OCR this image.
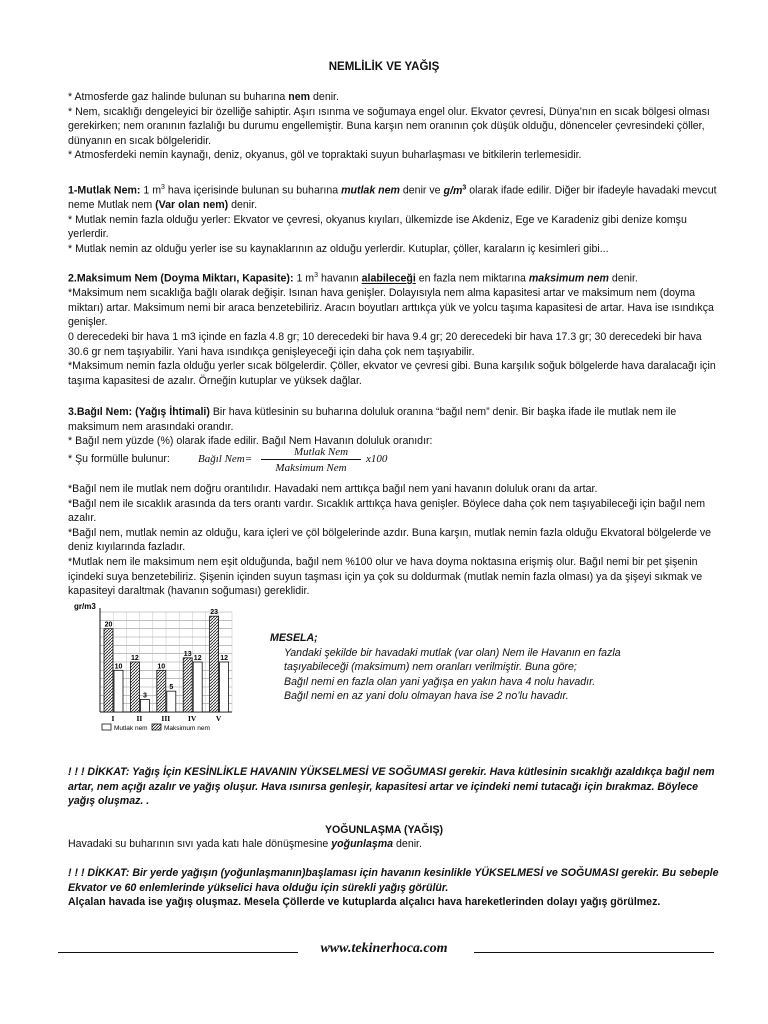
NEMLİLİK VE YAĞIŞ

* Atmosferde gaz halinde bulunan su buharına nem denir.

* Nem, sıcaklığı dengeleyici bir özelliğe sahiptir. Aşırı ısınma ve soğumaya engel olur. Ekvator çevresi, Dünya’nın en sıcak bölgesi olması gerekirken; nem oranının fazlalığı bu durumu engellemiştir. Buna karşın nem oranının çok düşük olduğu, dönenceler çevresindeki çöller, dünyanın en sıcak bölgeleridir.

* Atmosferdeki nemin kaynağı, deniz, okyanus, göl ve topraktaki suyun buharlaşması ve bitkilerin terlemesidir.

1-Mutlak Nem: 1 $m^3$ hava içerisinde bulunan su buharına mutlak nem denir ve $g/m^3$ olarak ifade edilir. Diğer bir ifadeyle havadaki mevcut neme Mutlak nem (Var olan nem) denir.

* Mutlak nemin fazla olduğu yerler: Ekvator ve çevresi, okyanus kıyıları, ülkemizde ise Akdeniz, Ege ve Karadeniz gibi denize komşu yerlerdir.

* Mutlak nemin az olduğu yerler ise su kaynaklarının az olduğu yerlerdir. Kutuplar, çöller, karaların iç kesimleri gibi...

2.Maksimum Nem (Doyma Miktarı, Kapasite): 1 $m^3$ havanın alabileceği en fazla nem miktarına maksimum nem denir.

*Maksimum nem sıcaklığa bağlı olarak değişir. Isınan hava genişler. Dolayısıyla nem alma kapasitesi artar ve maksimum nem (doyma miktarı) artar. Maksimum nemi bir araca benzetebiliriz. Aracın boyutları arttıkça yük ve yolcu taşıma kapasitesi de artar. Hava ise ısındıkça genişler.

0 derecedeki bir hava 1 m3 içinde en fazla 4.8 gr; 10 derecedeki bir hava 9.4 gr; 20 derecedeki bir hava 17.3 gr; 30 derecedeki bir hava 30.6 gr nem taşıyabilir. Yani hava ısındıkça genişleyeceği için daha çok nem taşıyabilir.

*Maksimum nemin fazla olduğu yerler sıcak bölgelerdir. Çöller, ekvator ve çevresi gibi. Buna karşılık soğuk bölgelerde hava daralacağı için taşıma kapasitesi de azalır. Örneğin kutuplar ve yüksek dağlar.

3.Bağıl Nem: (Yağış İhtimali) Bir hava kütlesinin su buharına doluluk oranına “bağıl nem” denir. Bir başka ifade ile mutlak nem ile maksimum nem arasındaki orandır.

* Bağıl nem yüzde (%) olarak ifade edilir. Bağıl Nem Havanın doluluk oranıdır:

* Şu formülle bulunur:	Bağıl Nem=
Mutlak Nem
Maksimum Nem
x100

*Bağıl nem ile mutlak nem doğru orantılıdır. Havadaki nem arttıkça bağıl nem yani havanın doluluk oranı da artar.

*Bağıl nem ile sıcaklık arasında da ters orantı vardır. Sıcaklık arttıkça hava genişler. Böylece daha çok nem taşıyabileceği için bağıl nem azalır.

*Bağıl nem, mutlak nemin az olduğu, kara içleri ve çöl bölgelerinde azdır. Buna karşın, mutlak nemin fazla olduğu Ekvatoral bölgelerde ve deniz kıyılarında fazladır.

*Mutlak nem ile maksimum nem eşit olduğunda, bağıl nem %100 olur ve hava doyma noktasına erişmiş olur. Bağıl nemi bir pet şişenin içindeki suya benzetebiliriz. Şişenin içinden suyun taşması için ya çok su doldurmak (mutlak nemin fazla olması) ya da şişeyi sıkmak ve kapasiteyi daraltmak (havanın soğuması) gereklidir.

20
10
I
12
3
II
10
5
III
13
12
IV
23
12
V
gr/m3
Mutlak nem	Maksimum nem

MESELA;

Yandaki şekilde bir havadaki mutlak (var olan) Nem ile Havanın en fazla taşıyabileceği (maksimum) nem oranları verilmiştir. Buna göre;

Bağıl nemi en fazla olan yani yağışa en yakın hava 4 nolu havadır.

Bağıl nemi en az yani dolu olmayan hava ise 2 no’lu havadır.

! ! ! DİKKAT: Yağış İçin KESİNLİKLE HAVANIN YÜKSELMESİ VE SOĞUMASI gerekir. Hava kütlesinin sıcaklığı azaldıkça bağıl nem artar, nem açığı azalır ve yağış oluşur. Hava ısınırsa genleşir, kapasitesi artar ve içindeki nemi tutacağı için bırakmaz. Böylece yağış oluşmaz. .

YOĞUNLAŞMA (YAĞIŞ)

Havadaki su buharının sıvı yada katı hale dönüşmesine yoğunlaşma denir.

! ! ! DİKKAT: Bir yerde yağışın (yoğunlaşmanın)başlaması için havanın kesinlikle YÜKSELMESİ ve SOĞUMASI gerekir. Bu sebeple Ekvator ve 60 enlemlerinde yükselici hava olduğu için sürekli yağış görülür.

Alçalan havada ise yağış oluşmaz. Mesela Çöllerde ve kutuplarda alçalıcı hava hareketlerinden dolayı yağış görülmez.

www.tekinerhoca.com
